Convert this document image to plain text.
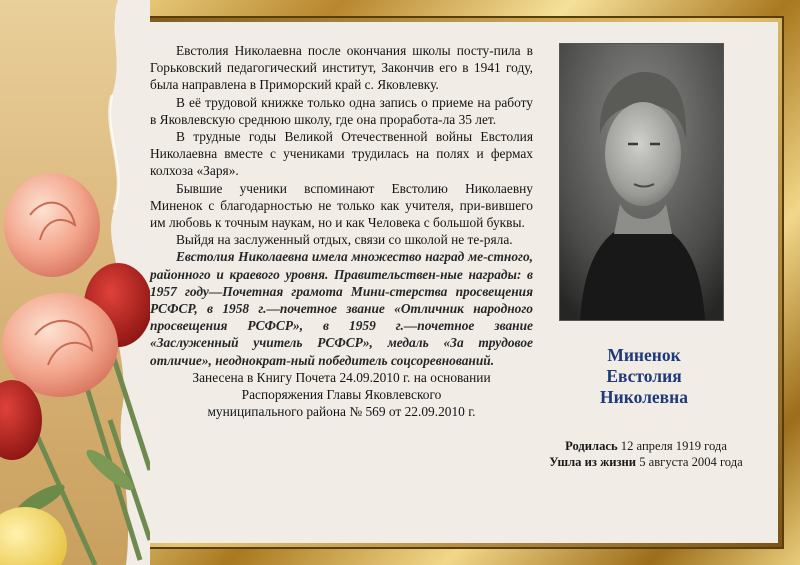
Евстолия Николаевна после окончания школы посту-пила в Горьковский педагогический институт, Закончив его в 1941 году, была направлена в Приморский край с. Яковлевку.

В её трудовой книжке только одна запись о приеме на работу в Яковлевскую среднюю школу, где она проработа-ла 35 лет.

В трудные годы Великой Отечественной войны Евстолия Николаевна вместе с учениками трудилась на полях и фермах колхоза «Заря».

Бывшие ученики вспоминают Евстолию Николаевну Миненок с благодарностью не только как учителя, при-вившего им любовь к точным наукам, но и как Человека с большой буквы.

Выйдя на заслуженный отдых, связи со школой не те-ряла.

Евстолия Николаевна имела множество наград ме-стного, районного и краевого уровня. Правительствен-ные награды: в 1957 году—Почетная грамота Мини-стерства просвещения РСФСР, в 1958 г.—почетное звание «Отличник народного просвещения РСФСР», в 1959 г.—почетное звание «Заслуженный учитель РСФСР», медаль «За трудовое отличие», неоднократ-ный победитель соцсоревнований.

Занесена в Книгу Почета 24.09.2010 г. на основании
Распоряжения Главы Яковлевского
муниципального района № 569 от 22.09.2010 г.
Миненок
Евстолия
Николевна
Родилась 12 апреля 1919 года
Ушла из жизни 5 августа 2004 года
